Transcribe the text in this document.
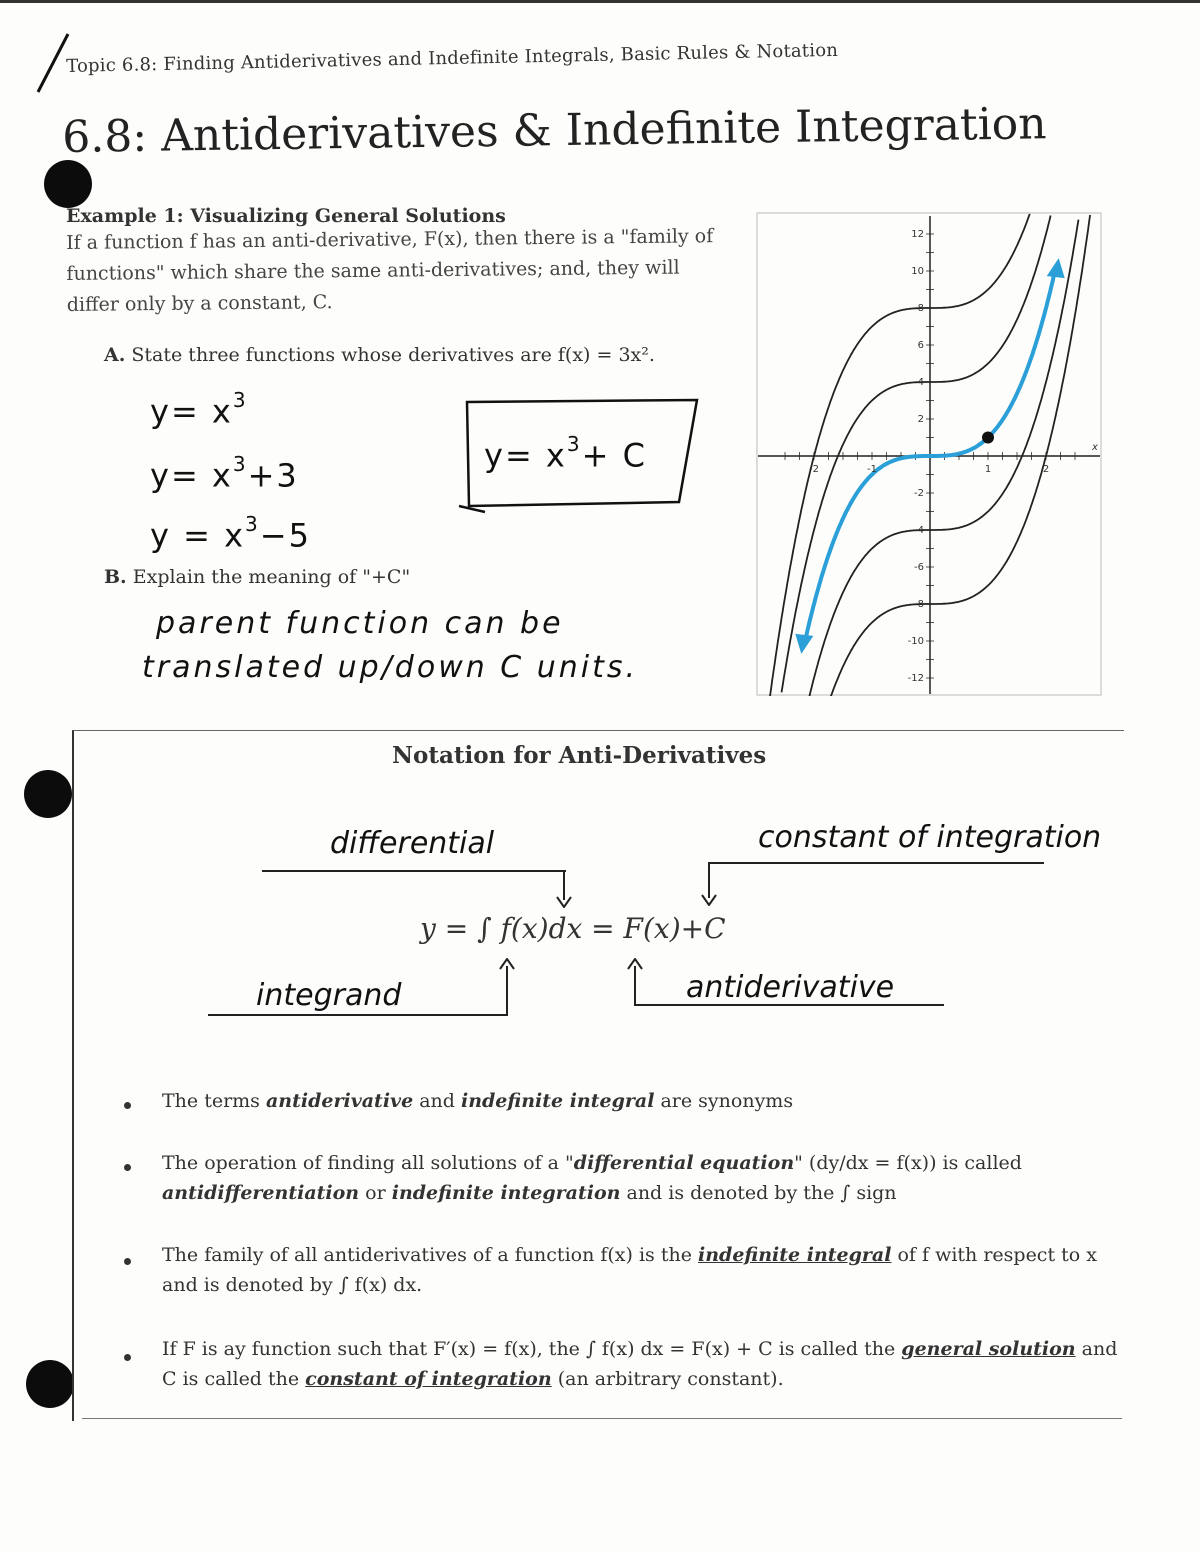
Topic 6.8: Finding Antiderivatives and Indefinite Integrals, Basic Rules & Notation
6.8: Antiderivatives & Indefinite Integration
Example 1: Visualizing General Solutions
If a function f has an anti-derivative, F(x), then there is a "family of functions" which share the same anti-derivatives; and, they will differ only by a constant, C.
A. State three functions whose derivatives are f(x) = 3x².
$y= x^3$
$y= x^3+3$
$y = x^3-5$
$y= x^3+ C$
B. Explain the meaning of "+C"
parent function can be
translated up/down C units.
12
10
8
6
4
2
-2
-4
-6
-8
-10
-12
-2	-1	1	2
x
Notation for Anti-Derivatives
differential	constant of integration
y = ∫ f(x)dx = F(x)+C
integrand	antiderivative
The terms antiderivative and indefinite integral are synonyms
The operation of finding all solutions of a "differential equation" (dy/dx = f(x)) is called antidifferentiation or indefinite integration and is denoted by the ∫ sign
The family of all antiderivatives of a function f(x) is the indefinite integral of f with respect to x and is denoted by ∫ f(x) dx.
If F is ay function such that F′(x) = f(x), the ∫ f(x) dx = F(x) + C is called the general solution and C is called the constant of integration (an arbitrary constant).
